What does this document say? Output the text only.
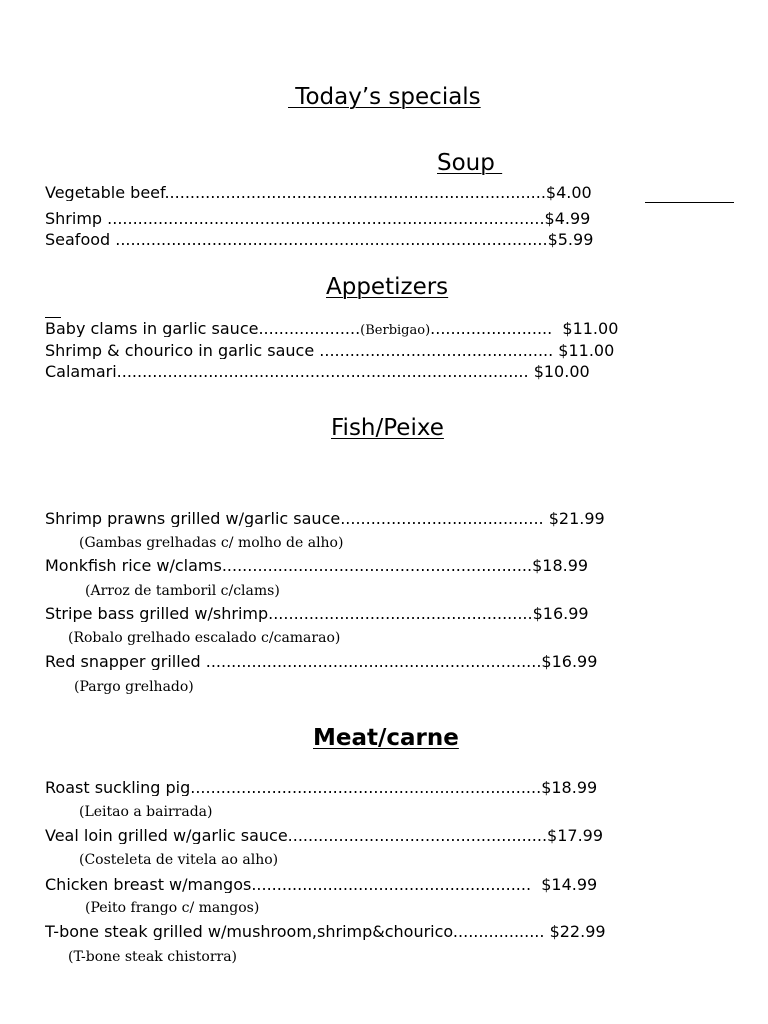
Today’s specials
Soup
Vegetable beef...........................................................................$4.00
Shrimp ......................................................................................$4.99
Seafood .....................................................................................$5.99
Appetizers
Baby clams in garlic sauce....................(Berbigao)........................  $11.00
Shrimp & chourico in garlic sauce .............................................. $11.00
Calamari................................................................................. $10.00
Fish/Peixe
Shrimp prawns grilled w/garlic sauce........................................ $21.99
(Gambas grelhadas c/ molho de alho)
Monkfish rice w/clams.............................................................$18.99
(Arroz de tamboril c/clams)
Stripe bass grilled w/shrimp....................................................$16.99
(Robalo grelhado escalado c/camarao)
Red snapper grilled ..................................................................$16.99
(Pargo grelhado)
Meat/carne
Roast suckling pig.....................................................................$18.99
(Leitao a bairrada)
Veal loin grilled w/garlic sauce...................................................$17.99
(Costeleta de vitela ao alho)
Chicken breast w/mangos.......................................................  $14.99
(Peito frango c/ mangos)
T-bone steak grilled w/mushroom,shrimp&chourico.................. $22.99
(T-bone steak chistorra)
